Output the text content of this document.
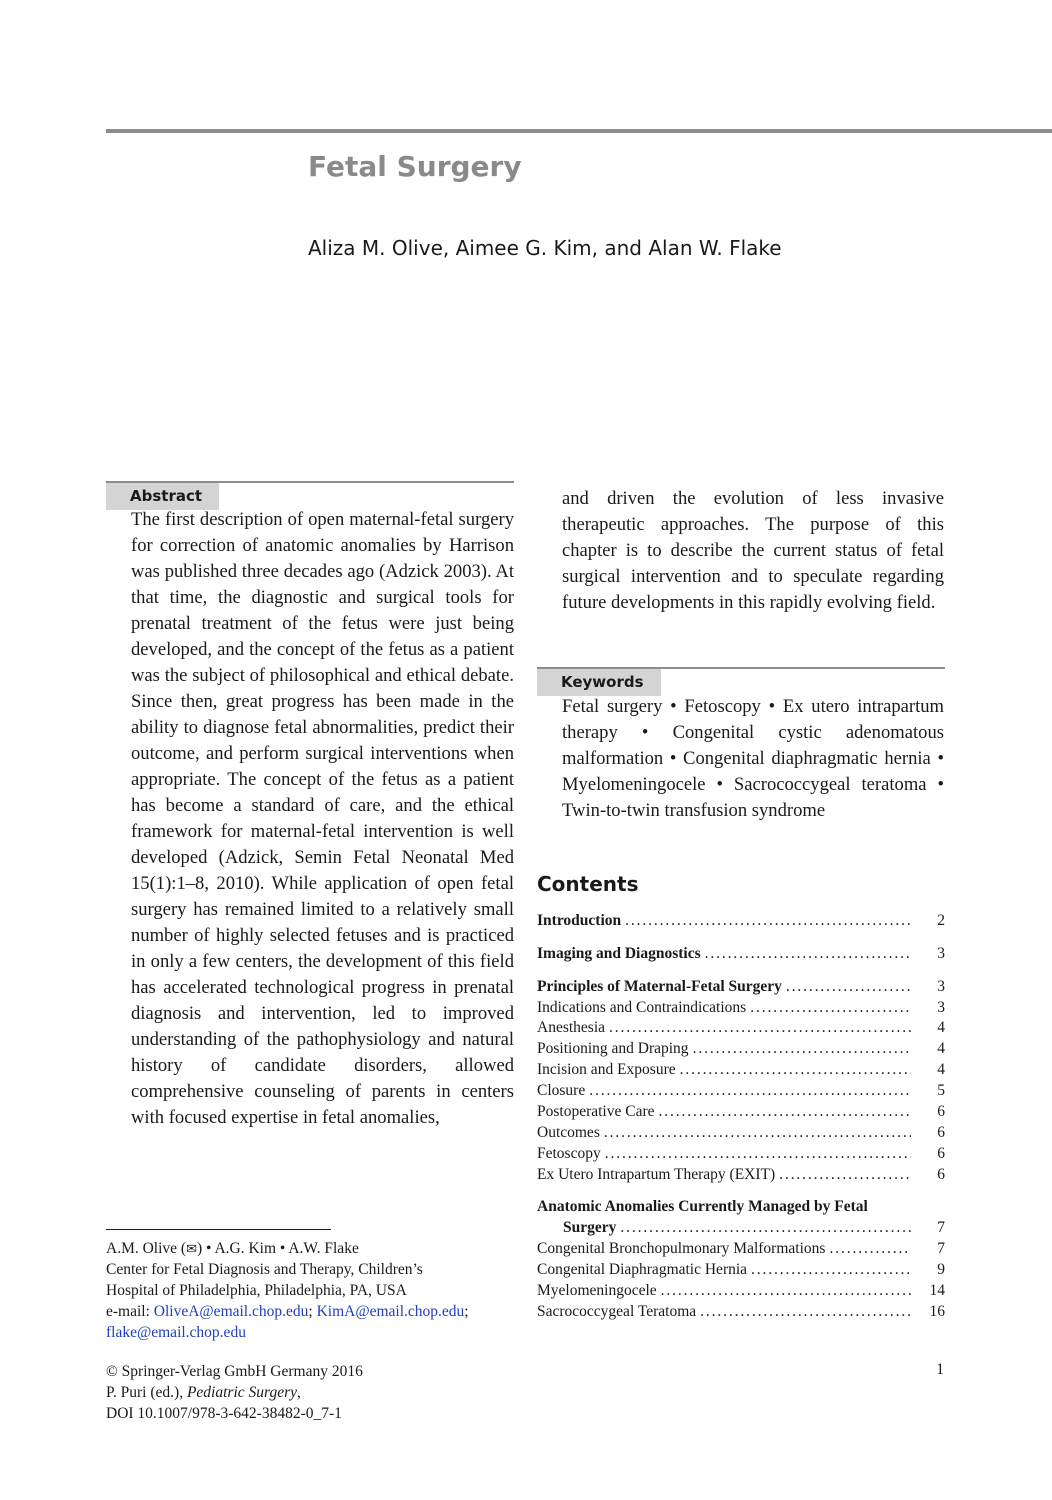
Fetal Surgery

Aliza M. Olive, Aimee G. Kim, and Alan W. Flake

Abstract

The first description of open maternal-fetal surgery for correction of anatomic anomalies by Harrison was published three decades ago (Adzick 2003). At that time, the diagnostic and surgical tools for prenatal treatment of the fetus were just being developed, and the concept of the fetus as a patient was the subject of philosophical and ethical debate. Since then, great progress has been made in the ability to diagnose fetal abnormalities, predict their outcome, and perform surgical interventions when appropriate. The concept of the fetus as a patient has become a standard of care, and the ethical framework for maternal-fetal intervention is well developed (Adzick, Semin Fetal Neonatal Med 15(1):1–8, 2010). While application of open fetal surgery has remained limited to a relatively small number of highly selected fetuses and is practiced in only a few centers, the development of this field has accelerated technological progress in prenatal diagnosis and intervention, led to improved understanding of the pathophysiology and natural history of candidate disorders, allowed comprehensive counseling of parents in centers with focused expertise in fetal anomalies,

and driven the evolution of less invasive therapeutic approaches. The purpose of this chapter is to describe the current status of fetal surgical intervention and to speculate regarding future developments in this rapidly evolving field.

Keywords

Fetal surgery • Fetoscopy • Ex utero intrapartum therapy • Congenital cystic adenomatous malformation • Congenital diaphragmatic hernia • Myelomeningocele • Sacrococcygeal teratoma • Twin-to-twin transfusion syndrome

Contents
Introduction . . .	2
Imaging and Diagnostics . . .	3
Principles of Maternal-Fetal Surgery . . .	3
Indications and Contraindications . . .	3
Anesthesia . . .	4
Positioning and Draping . . .	4
Incision and Exposure . . .	4
Closure . . .	5
Postoperative Care . . .	6
Outcomes . . .	6
Fetoscopy . . .	6
Ex Utero Intrapartum Therapy (EXIT) . . .	6
Anatomic Anomalies Currently Managed by Fetal
Surgery . . .	7
Congenital Bronchopulmonary Malformations . . .	7
Congenital Diaphragmatic Hernia . . .	9
Myelomeningocele . . .	14
Sacrococcygeal Teratoma . . .	16

A.M. Olive (✉) • A.G. Kim • A.W. Flake

Center for Fetal Diagnosis and Therapy, Children’s

Hospital of Philadelphia, Philadelphia, PA, USA

e-mail: OliveA@email.chop.edu; KimA@email.chop.edu;

flake@email.chop.edu

© Springer-Verlag GmbH Germany 2016

P. Puri (ed.), Pediatric Surgery,

DOI 10.1007/978-3-642-38482-0_7-1

1
